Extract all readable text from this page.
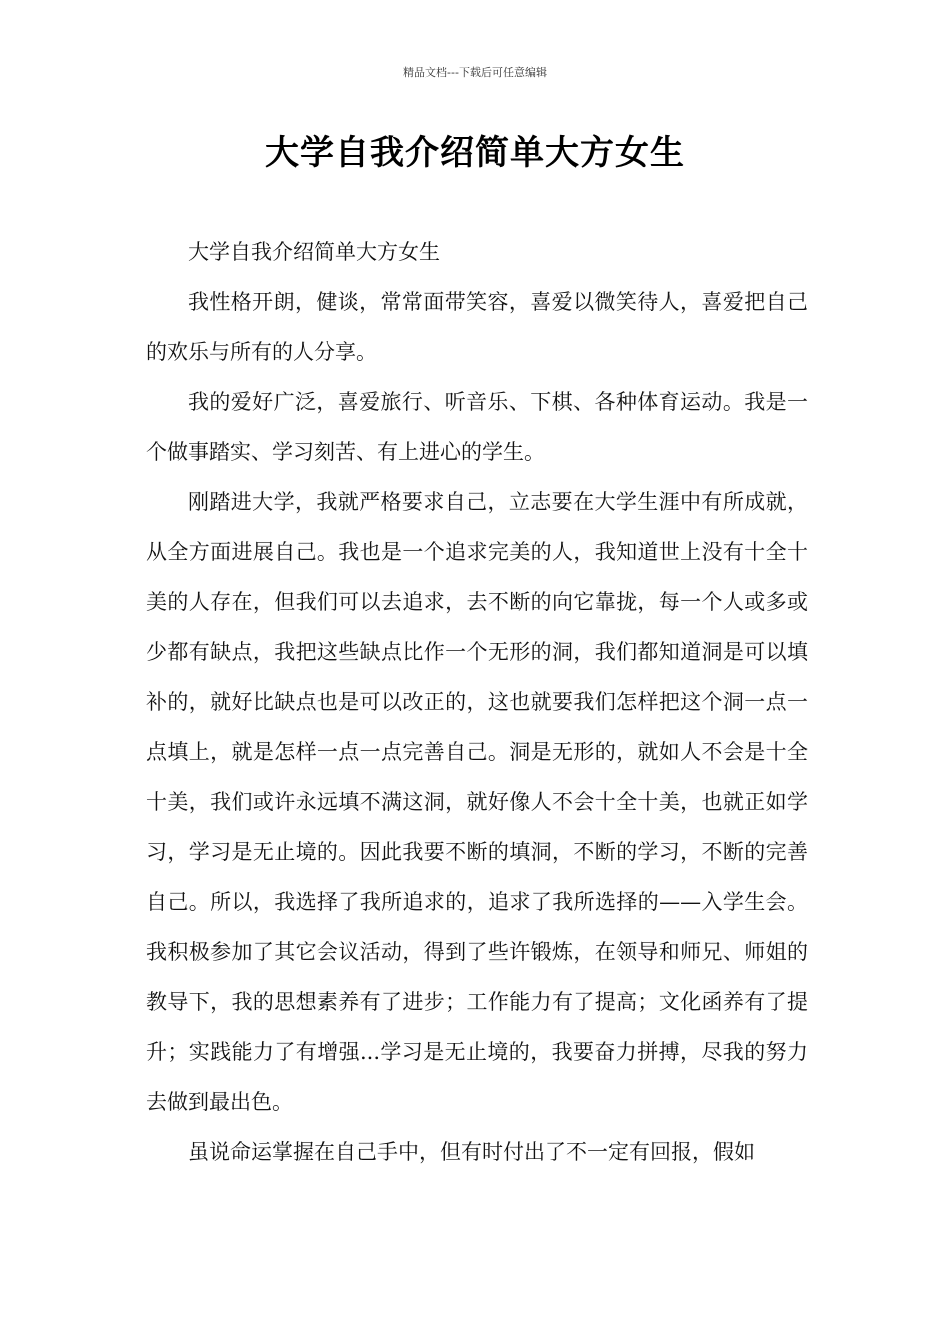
精品文档---下载后可任意编辑
大学自我介绍简单大方女生

大学自我介绍简单大方女生

我性格开朗，健谈，常常面带笑容，喜爱以微笑待人，喜爱把自己的欢乐与所有的人分享。

我的爱好广泛，喜爱旅行、听音乐、下棋、各种体育运动。我是一个做事踏实、学习刻苦、有上进心的学生。

刚踏进大学，我就严格要求自己，立志要在大学生涯中有所成就，从全方面进展自己。我也是一个追求完美的人，我知道世上没有十全十美的人存在，但我们可以去追求，去不断的向它靠拢，每一个人或多或少都有缺点，我把这些缺点比作一个无形的洞，我们都知道洞是可以填补的，就好比缺点也是可以改正的，这也就要我们怎样把这个洞一点一点填上，就是怎样一点一点完善自己。洞是无形的，就如人不会是十全十美，我们或许永远填不满这洞，就好像人不会十全十美，也就正如学习，学习是无止境的。因此我要不断的填洞，不断的学习，不断的完善自己。所以，我选择了我所追求的，追求了我所选择的——入学生会。我积极参加了其它会议活动，得到了些许锻炼，在领导和师兄、师姐的教导下，我的思想素养有了进步；工作能力有了提高；文化函养有了提升；实践能力了有增强...学习是无止境的，我要奋力拼搏，尽我的努力去做到最出色。

虽说命运掌握在自己手中，但有时付出了不一定有回报，假如
